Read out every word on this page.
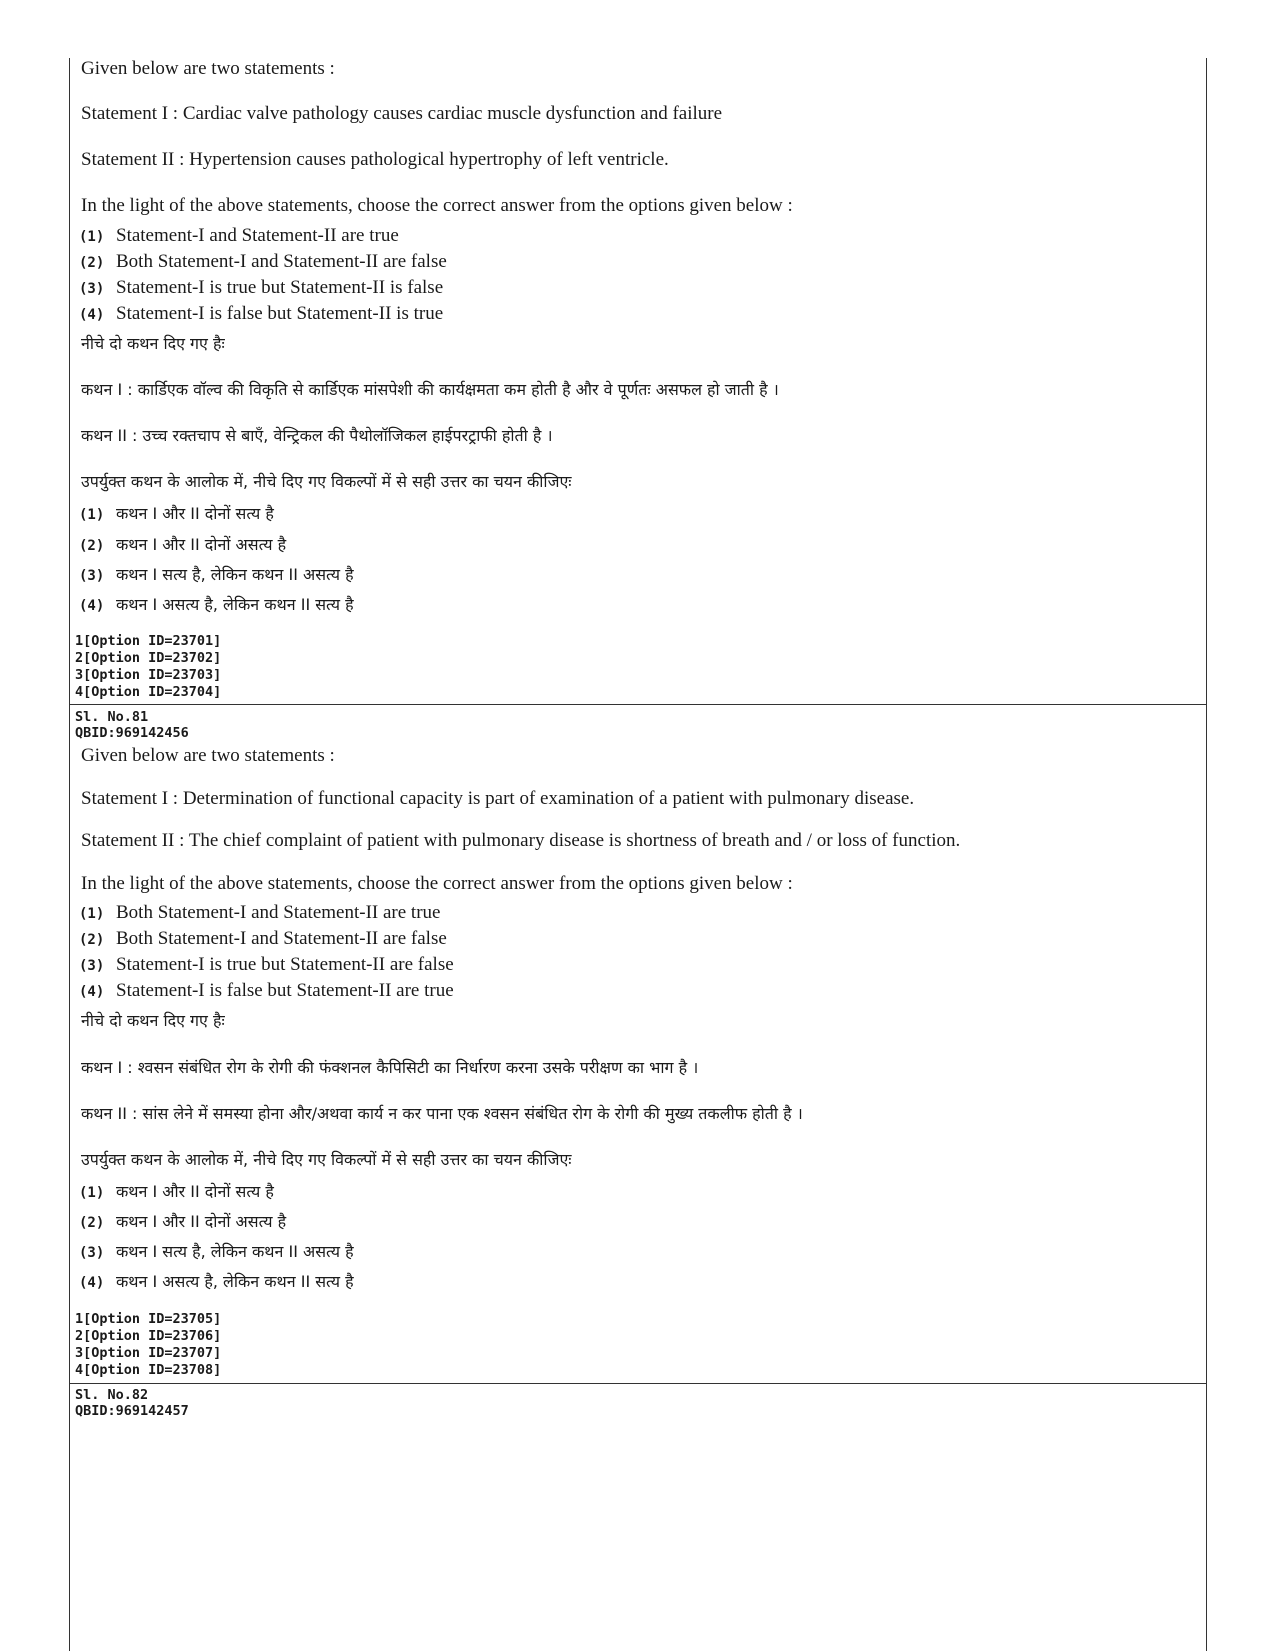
Given below are two statements :
Statement I : Cardiac valve pathology causes cardiac muscle dysfunction and failure
Statement II : Hypertension causes pathological hypertrophy of left ventricle.
In the light of the above statements, choose the correct answer from the options given below :
(1) Statement-I and Statement-II are true
(2) Both Statement-I and Statement-II are false
(3) Statement-I is true but Statement-II is false
(4) Statement-I is false but Statement-II is true
नीचे दो कथन दिए गए हैः
कथन I : कार्डिएक वॉल्व की विकृति से कार्डिएक मांसपेशी की कार्यक्षमता कम होती है और वे पूर्णतः असफल हो जाती है ।
कथन II : उच्च रक्तचाप से बाएँ, वेन्ट्रिकल की पैथोलॉजिकल हाईपरट्राफी होती है ।
उपर्युक्त कथन के आलोक में, नीचे दिए गए विकल्पों में से सही उत्तर का चयन कीजिएः
(1) कथन I और II दोनों सत्य है
(2) कथन I और II दोनों असत्य है
(3) कथन I सत्य है, लेकिन कथन II असत्य है
(4) कथन I असत्य है, लेकिन कथन II सत्य है
1[Option ID=23701]
2[Option ID=23702]
3[Option ID=23703]
4[Option ID=23704]
Sl. No.81
QBID:969142456
Given below are two statements :
Statement I : Determination of functional capacity is part of examination of a patient with pulmonary disease.
Statement II : The chief complaint of patient with pulmonary disease is shortness of breath and / or loss of function.
In the light of the above statements, choose the correct answer from the options given below :
(1) Both Statement-I and Statement-II are true
(2) Both Statement-I and Statement-II are false
(3) Statement-I is true but Statement-II are false
(4) Statement-I is false but Statement-II are true
नीचे दो कथन दिए गए हैः
कथन I : श्वसन संबंधित रोग के रोगी की फंक्शनल कैपिसिटी का निर्धारण करना उसके परीक्षण का भाग है ।
कथन II : सांस लेने में समस्या होना और/अथवा कार्य न कर पाना एक श्वसन संबंधित रोग के रोगी की मुख्य तकलीफ होती है ।
उपर्युक्त कथन के आलोक में, नीचे दिए गए विकल्पों में से सही उत्तर का चयन कीजिएः
(1) कथन I और II दोनों सत्य है
(2) कथन I और II दोनों असत्य है
(3) कथन I सत्य है, लेकिन कथन II असत्य है
(4) कथन I असत्य है, लेकिन कथन II सत्य है
1[Option ID=23705]
2[Option ID=23706]
3[Option ID=23707]
4[Option ID=23708]
Sl. No.82
QBID:969142457
